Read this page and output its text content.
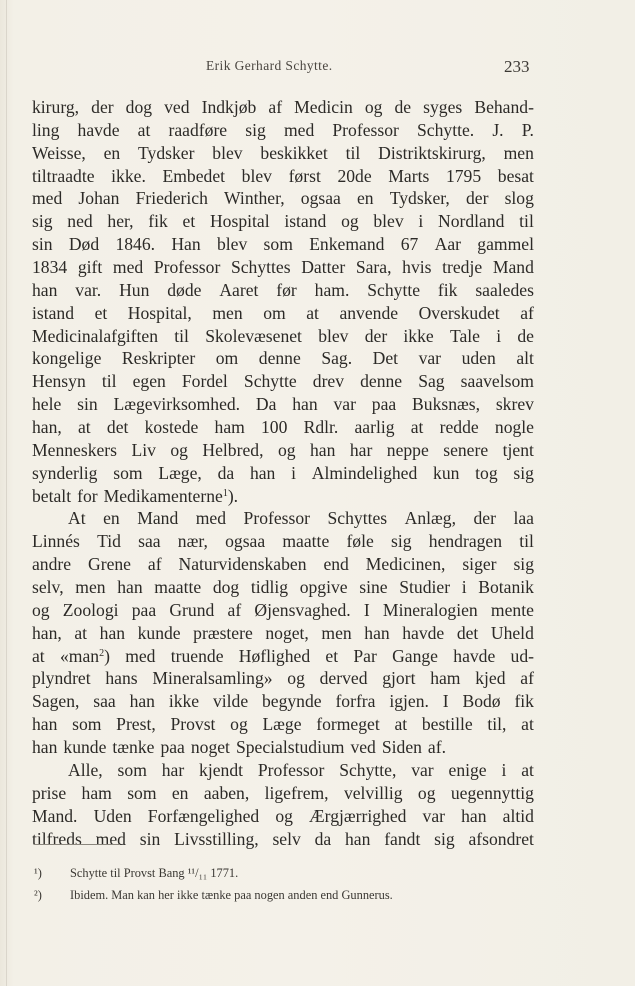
Erik Gerhard Schytte.	233
kirurg, der dog ved Indkjøb af Medicin og de syges Behand-
ling havde at raadføre sig med Professor Schytte. J. P.
Weisse, en Tydsker blev beskikket til Distriktskirurg, men
tiltraadte ikke. Embedet blev først 20de Marts 1795 besat
med Johan Friederich Winther, ogsaa en Tydsker, der slog
sig ned her, fik et Hospital istand og blev i Nordland til
sin Død 1846. Han blev som Enkemand 67 Aar gammel
1834 gift med Professor Schyttes Datter Sara, hvis tredje Mand
han var. Hun døde Aaret før ham. Schytte fik saaledes
istand et Hospital, men om at anvende Overskudet af
Medicinalafgiften til Skolevæsenet blev der ikke Tale i de
kongelige Reskripter om denne Sag. Det var uden alt
Hensyn til egen Fordel Schytte drev denne Sag saavelsom
hele sin Lægevirksomhed. Da han var paa Buksnæs, skrev
han, at det kostede ham 100 Rdlr. aarlig at redde nogle
Menneskers Liv og Helbred, og han har neppe senere tjent
synderlig som Læge, da han i Almindelighed kun tog sig
betalt for Medikamenterne$^1$).
At en Mand med Professor Schyttes Anlæg, der laa
Linnés Tid saa nær, ogsaa maatte føle sig hendragen til
andre Grene af Naturvidenskaben end Medicinen, siger sig
selv, men han maatte dog tidlig opgive sine Studier i Botanik
og Zoologi paa Grund af Øjensvaghed. I Mineralogien mente
han, at han kunde præstere noget, men han havde det Uheld
at «man$^2$) med truende Høflighed et Par Gange havde ud-
plyndret hans Mineralsamling» og derved gjort ham kjed af
Sagen, saa han ikke vilde begynde forfra igjen. I Bodø fik
han som Prest, Provst og Læge formeget at bestille til, at
han kunde tænke paa noget Specialstudium ved Siden af.
Alle, som har kjendt Professor Schytte, var enige i at
prise ham som en aaben, ligefrem, velvillig og uegennyttig
Mand. Uden Forfængelighed og Ærgjærrighed var han altid
tilfreds med sin Livsstilling, selv da han fandt sig afsondret
¹) Schytte til Provst Bang ¹¹/₁₁ 1771.
²) Ibidem. Man kan her ikke tænke paa nogen anden end Gunnerus.
